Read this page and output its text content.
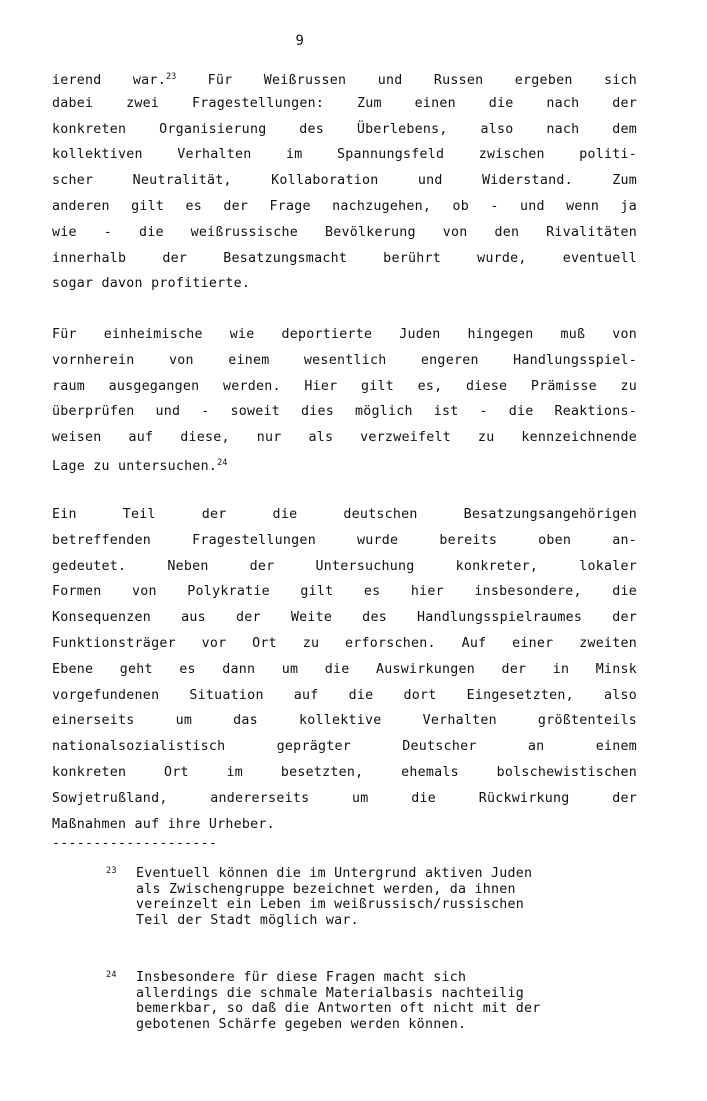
9
ierend war.$^{23}$ Für Weißrussen und Russen ergeben sich
dabei zwei Fragestellungen: Zum einen die nach der
konkreten Organisierung des Überlebens, also nach dem
kollektiven Verhalten im Spannungsfeld zwischen politi-
scher Neutralität, Kollaboration und Widerstand. Zum
anderen gilt es der Frage nachzugehen, ob - und wenn ja
wie - die weißrussische Bevölkerung von den Rivalitäten
innerhalb der Besatzungsmacht berührt wurde, eventuell
sogar davon profitierte.
Für einheimische wie deportierte Juden hingegen muß von
vornherein von einem wesentlich engeren Handlungsspiel-
raum ausgegangen werden. Hier gilt es, diese Prämisse zu
überprüfen und - soweit dies möglich ist - die Reaktions-
weisen auf diese, nur als verzweifelt zu kennzeichnende
Lage zu untersuchen.$^{24}$
Ein Teil der die deutschen Besatzungsangehörigen
betreffenden Fragestellungen wurde bereits oben an-
gedeutet. Neben der Untersuchung konkreter, lokaler
Formen von Polykratie gilt es hier insbesondere, die
Konsequenzen aus der Weite des Handlungsspielraumes der
Funktionsträger vor Ort zu erforschen. Auf einer zweiten
Ebene geht es dann um die Auswirkungen der in Minsk
vorgefundenen Situation auf die dort Eingesetzten, also
einerseits um das kollektive Verhalten größtenteils
nationalsozialistisch geprägter Deutscher an einem
konkreten Ort im besetzten, ehemals bolschewistischen
Sowjetrußland, andererseits um die Rückwirkung der
Maßnahmen auf ihre Urheber.
--------------------
23 Eventuell können die im Untergrund aktiven Juden
als Zwischengruppe bezeichnet werden, da ihnen
vereinzelt ein Leben im weißrussisch/russischen
Teil der Stadt möglich war.
24 Insbesondere für diese Fragen macht sich
allerdings die schmale Materialbasis nachteilig
bemerkbar, so daß die Antworten oft nicht mit der
gebotenen Schärfe gegeben werden können.
